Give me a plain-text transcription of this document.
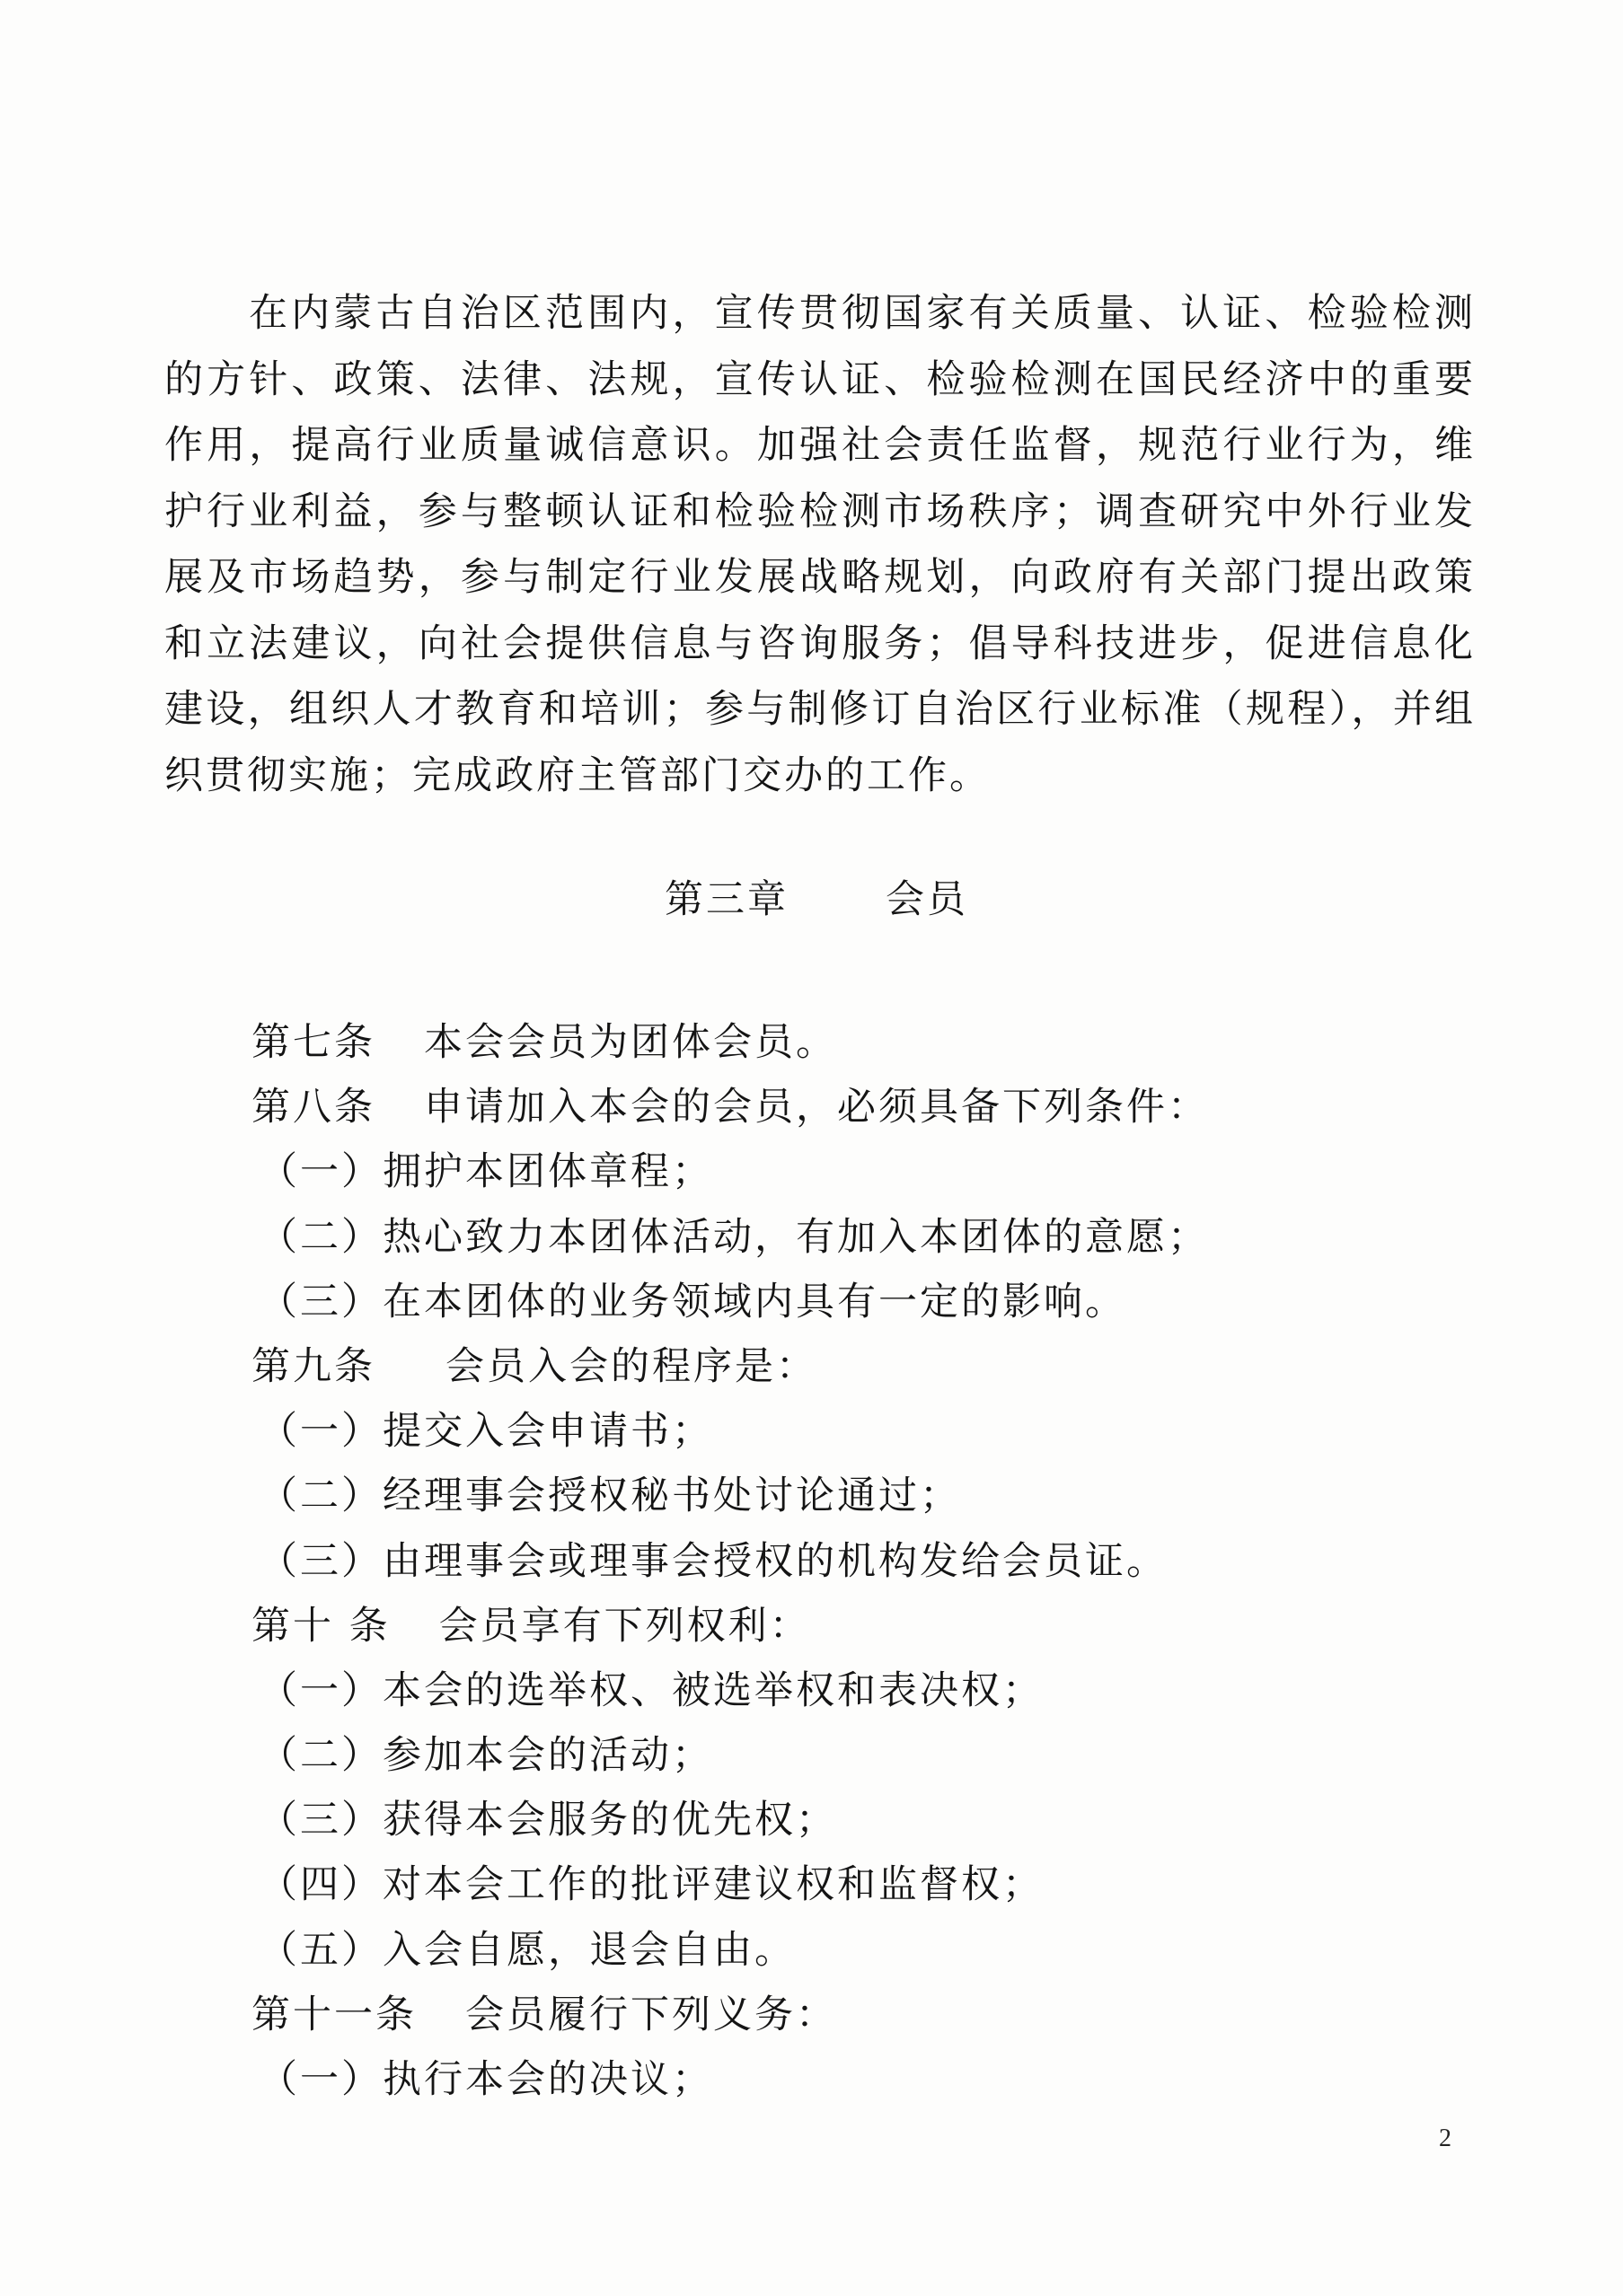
在内蒙古自治区范围内，宣传贯彻国家有关质量、认证、检验检测的方针、政策、法律、法规，宣传认证、检验检测在国民经济中的重要作用，提高行业质量诚信意识。加强社会责任监督，规范行业行为，维护行业利益，参与整顿认证和检验检测市场秩序；调查研究中外行业发展及市场趋势，参与制定行业发展战略规划，向政府有关部门提出政策和立法建议，向社会提供信息与咨询服务；倡导科技进步，促进信息化建设，组织人才教育和培训；参与制修订自治区行业标准（规程），并组织贯彻实施；完成政府主管部门交办的工作。

第三章	会员
第七条 本会会员为团体会员。
第八条 申请加入本会的会员，必须具备下列条件：
（一）拥护本团体章程；
（二）热心致力本团体活动，有加入本团体的意愿；
（三）在本团体的业务领域内具有一定的影响。
第九条 会员入会的程序是：
（一）提交入会申请书；
（二）经理事会授权秘书处讨论通过；
（三）由理事会或理事会授权的机构发给会员证。
第十 条 会员享有下列权利：
（一）本会的选举权、被选举权和表决权；
（二）参加本会的活动；
（三）获得本会服务的优先权；
（四）对本会工作的批评建议权和监督权；
（五）入会自愿，退会自由。
第十一条 会员履行下列义务：
（一）执行本会的决议；
2
